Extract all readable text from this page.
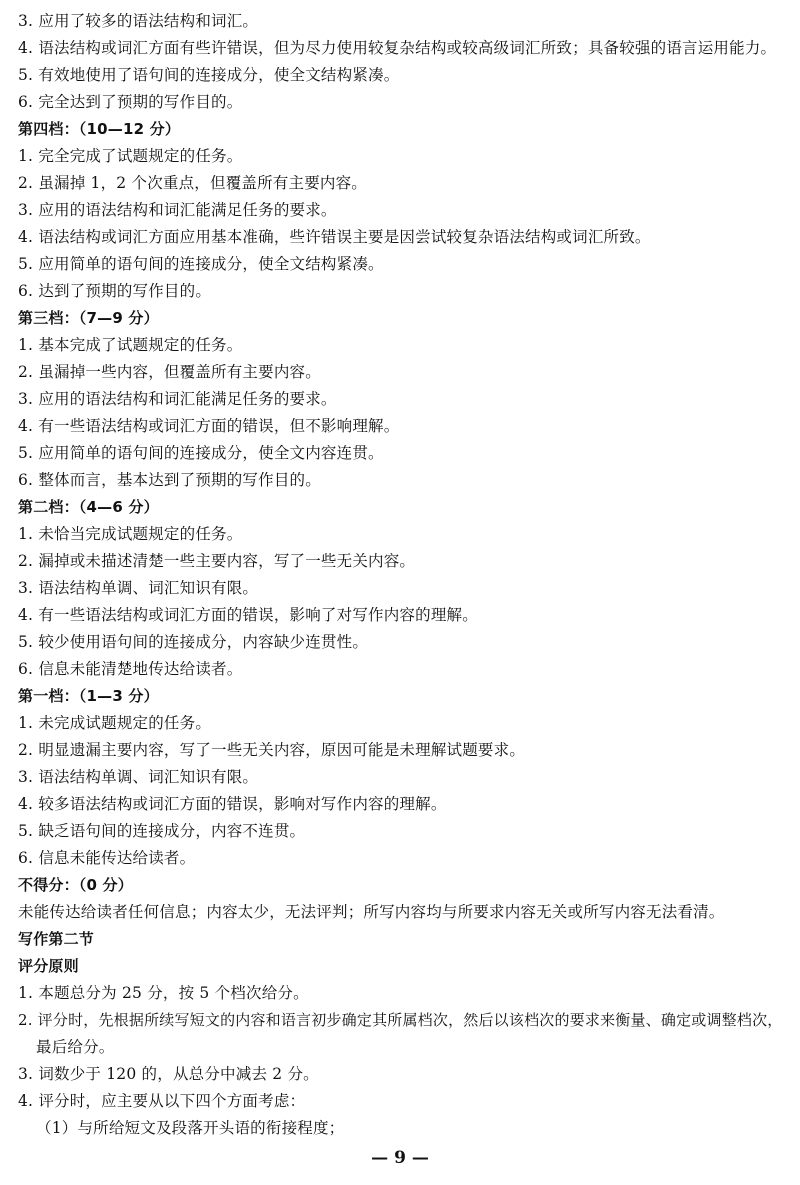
3. 应用了较多的语法结构和词汇。
4. 语法结构或词汇方面有些许错误，但为尽力使用较复杂结构或较高级词汇所致；具备较强的语言运用能力。
5. 有效地使用了语句间的连接成分，使全文结构紧凑。
6. 完全达到了预期的写作目的。
第四档：（10—12 分）
1. 完全完成了试题规定的任务。
2. 虽漏掉 1，2 个次重点，但覆盖所有主要内容。
3. 应用的语法结构和词汇能满足任务的要求。
4. 语法结构或词汇方面应用基本准确，些许错误主要是因尝试较复杂语法结构或词汇所致。
5. 应用简单的语句间的连接成分，使全文结构紧凑。
6. 达到了预期的写作目的。
第三档：（7—9 分）
1. 基本完成了试题规定的任务。
2. 虽漏掉一些内容，但覆盖所有主要内容。
3. 应用的语法结构和词汇能满足任务的要求。
4. 有一些语法结构或词汇方面的错误，但不影响理解。
5. 应用简单的语句间的连接成分，使全文内容连贯。
6. 整体而言，基本达到了预期的写作目的。
第二档：（4—6 分）
1. 未恰当完成试题规定的任务。
2. 漏掉或未描述清楚一些主要内容，写了一些无关内容。
3. 语法结构单调、词汇知识有限。
4. 有一些语法结构或词汇方面的错误，影响了对写作内容的理解。
5. 较少使用语句间的连接成分，内容缺少连贯性。
6. 信息未能清楚地传达给读者。
第一档：（1—3 分）
1. 未完成试题规定的任务。
2. 明显遗漏主要内容，写了一些无关内容，原因可能是未理解试题要求。
3. 语法结构单调、词汇知识有限。
4. 较多语法结构或词汇方面的错误，影响对写作内容的理解。
5. 缺乏语句间的连接成分，内容不连贯。
6. 信息未能传达给读者。
不得分：（0 分）
未能传达给读者任何信息；内容太少，无法评判；所写内容均与所要求内容无关或所写内容无法看清。
写作第二节
评分原则
1. 本题总分为 25 分，按 5 个档次给分。
2. 评分时，先根据所续写短文的内容和语言初步确定其所属档次，然后以该档次的要求来衡量、确定或调整档次，
最后给分。
3. 词数少于 120 的，从总分中减去 2 分。
4. 评分时，应主要从以下四个方面考虑：
（1）与所给短文及段落开头语的衔接程度；
— 9 —
